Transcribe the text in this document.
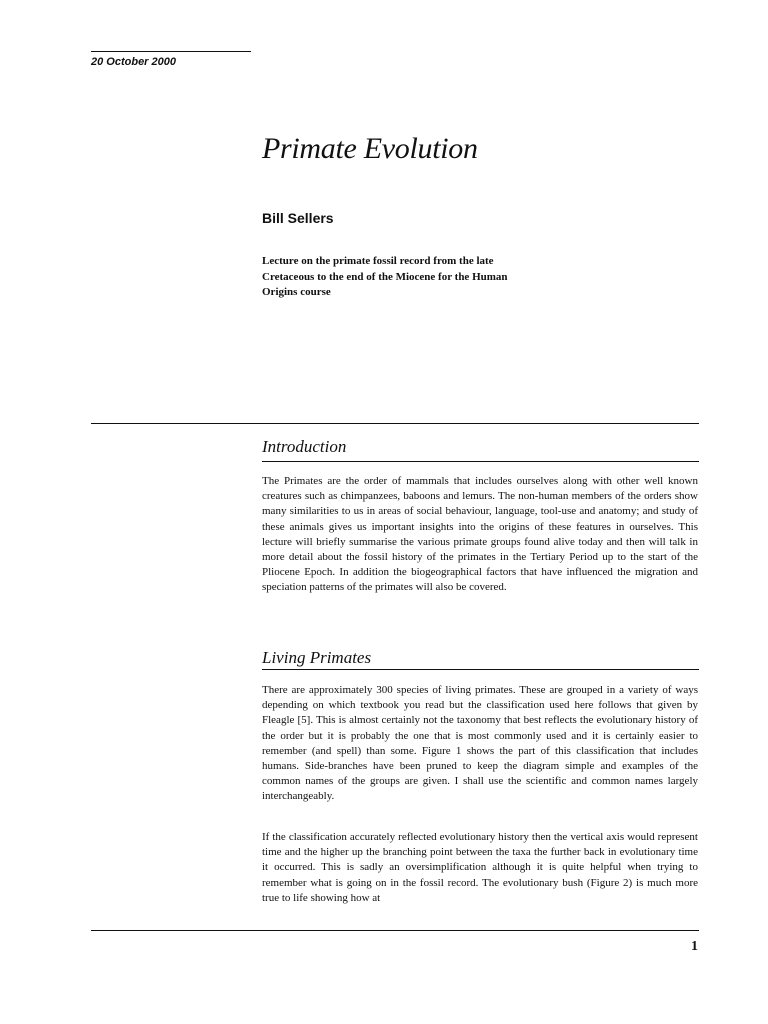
20 October 2000
Primate Evolution
Bill Sellers
Lecture on the primate fossil record from the late Cretaceous to the end of the Miocene for the Human Origins course
Introduction
The Primates are the order of mammals that includes ourselves along with other well known creatures such as chimpanzees, baboons and lemurs. The non-human members of the orders show many similarities to us in areas of social behaviour, language, tool-use and anatomy; and study of these animals gives us important insights into the origins of these features in ourselves. This lecture will briefly summarise the various primate groups found alive today and then will talk in more detail about the fossil history of the primates in the Tertiary Period up to the start of the Pliocene Epoch. In addition the biogeographical factors that have influenced the migration and speciation patterns of the primates will also be covered.
Living Primates
There are approximately 300 species of living primates. These are grouped in a variety of ways depending on which textbook you read but the classification used here follows that given by Fleagle [5]. This is almost certainly not the taxonomy that best reflects the evolutionary history of the order but it is probably the one that is most commonly used and it is certainly easier to remember (and spell) than some. Figure 1 shows the part of this classification that includes humans. Side-branches have been pruned to keep the diagram simple and examples of the common names of the groups are given. I shall use the scientific and common names largely interchangeably.
If the classification accurately reflected evolutionary history then the vertical axis would represent time and the higher up the branching point between the taxa the further back in evolutionary time it occurred. This is sadly an oversimplification although it is quite helpful when trying to remember what is going on in the fossil record. The evolutionary bush (Figure 2) is much more true to life showing how at
1
